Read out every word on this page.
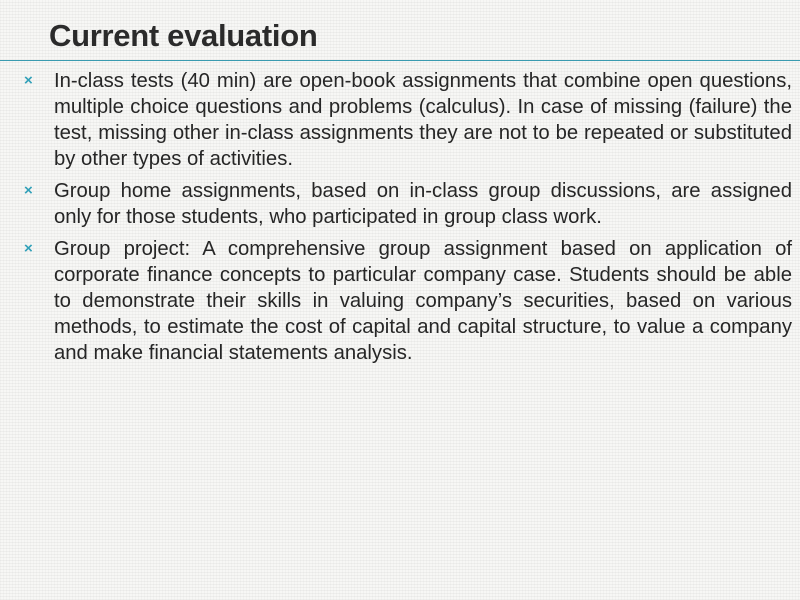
Current evaluation
× In-class tests (40 min) are open-book assignments that combine open questions, multiple choice questions and problems (calculus). In case of missing (failure) the test, missing other in-class assignments they are not to be repeated or substituted by other types of activities.
× Group home assignments, based on in-class group discussions, are assigned only for those students, who participated in group class work.
× Group project: A comprehensive group assignment based on application of corporate finance concepts to particular company case. Students should be able to demonstrate their skills in valuing company’s securities, based on various methods, to estimate the cost of capital and capital structure, to value a company and make financial statements analysis.
